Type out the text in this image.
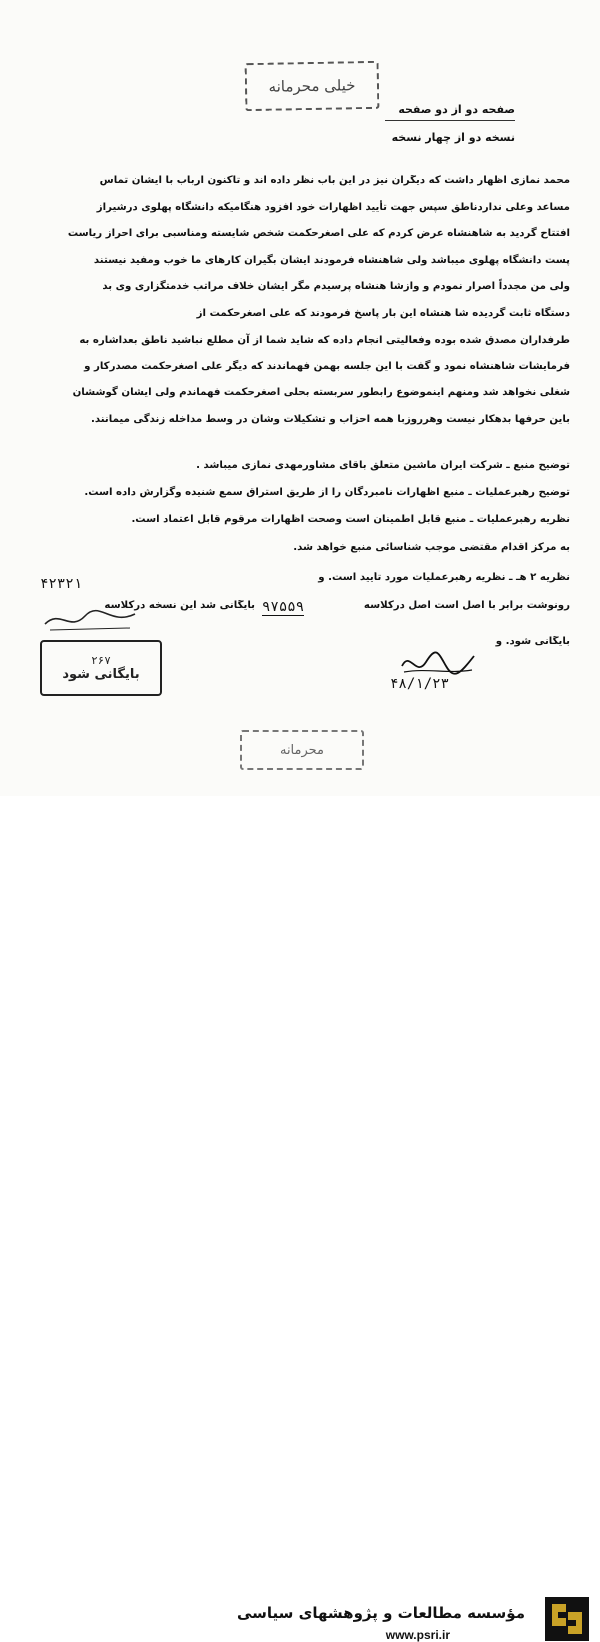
خیلی محرمانه
صفحه دو از دو صفحه
نسخه دو از چهار نسخه
محمد نمازی اظهار داشت که دیگران نیز در این باب نظر داده اند و تاکنون ارباب با ایشان تماس
مساعد وعلی نداردناطق سپس جهت تأیید اظهارات خود افزود هنگامیکه دانشگاه پهلوی درشیراز
افتتاح گردید به شاهنشاه عرض کردم که علی اصغرحکمت شخص شایسته ومناسبی برای احراز ریاست
پست دانشگاه پهلوی میباشد ولی شاهنشاه فرمودند ایشان بگیران کارهای ما خوب ومفید نیستند
ولی من مجدداً اصرار نمودم و وازشا هنشاه پرسیدم مگر ایشان خلاف مراتب خدمتگزاری وی بد
دستگاه ثابت گردیده شا هنشاه این بار پاسخ فرمودند که علی اصغرحکمت از
طرفداران مصدق شده بوده وفعالیتی انجام داده که شاید شما از آن مطلع نباشید ناطق بعداشاره به
فرمایشات شاهنشاه نمود و گفت با این جلسه بهمن فهماندند که دیگر علی اصغرحکمت مصدرکار و
شغلی نخواهد شد ومنهم اینموضوع رابطور سربسته بحلی اصغرحکمت فهماندم ولی ایشان گوششان
باین حرفها بدهکار نیست وهرروزبا همه احزاب و تشکیلات وشان در وسط مداخله زندگی میمانند.
توضیح منبع ـ شرکت ایران ماشین متعلق بآقای مشاورمهدی نمازی میباشد .
توضیح رهبرعملیات ـ منبع اظهارات نامبردگان را از طریق استراق سمع شنیده وگزارش داده است.
نظریه رهبرعملیات ـ منبع قابل اطمینان است وصحت اظهارات مرقوم قابل اعتماد است.
به مرکز اقدام مقتضی موجب شناسائی منبع خواهد شد.
نظریه ۲ هـ ـ نظریه رهبرعملیات مورد تأیید است. و
۴۲۳۲۱
رونوشت برابر با اصل است اصل درکلاسه
۹۷۵۵۹
بایگانی شد این نسخه درکلاسه
۲۶۷
بایگانی شود
بایگانی شود. و
۴۸/۱/۲۳
محرمانه
مؤسسه مطالعات و پژوهشهای سیاسی
www.psri.ir
